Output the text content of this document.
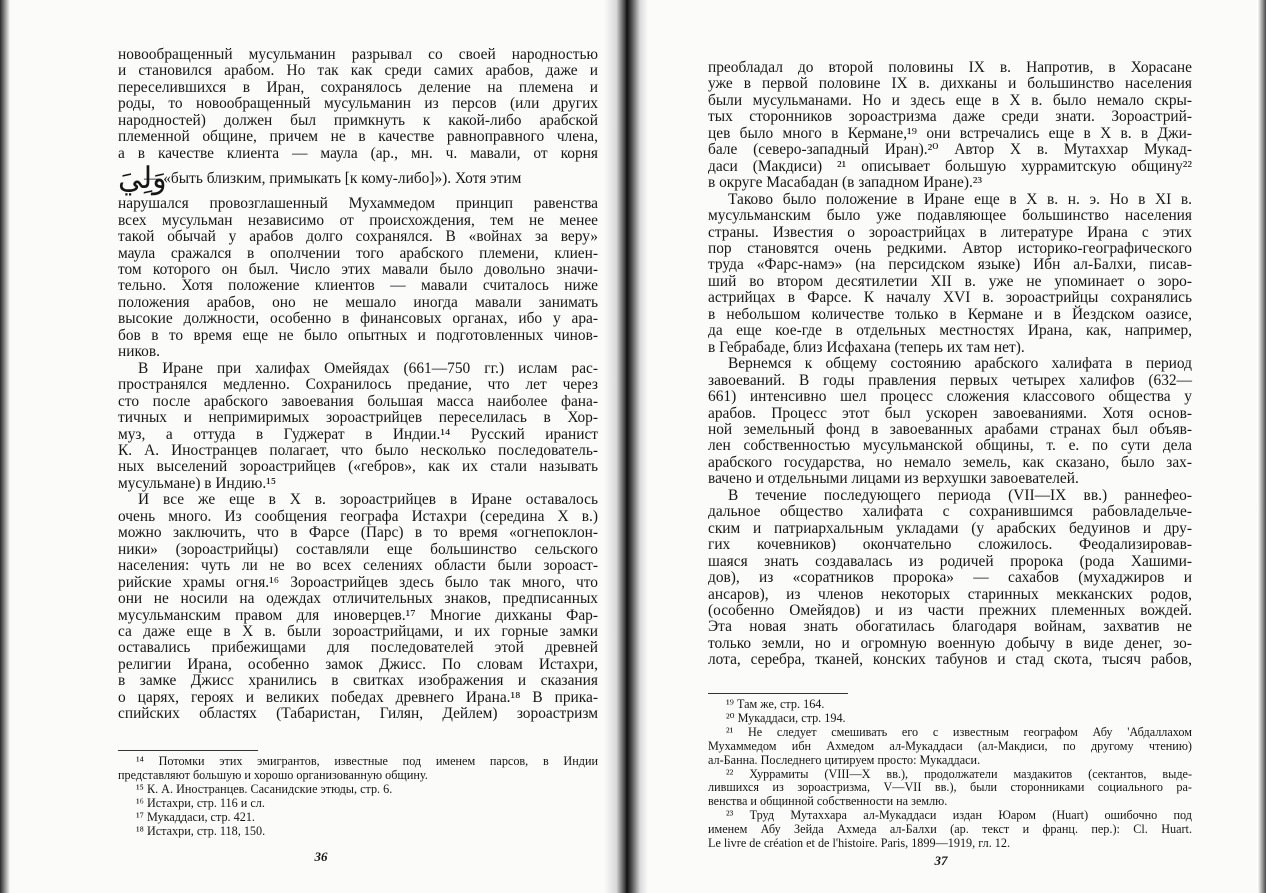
новообращенный мусульманин разрывал со своей народностью
и становился арабом. Но так как среди самих арабов, даже и
переселившихся в Иран, сохранялось деление на племена и
роды, то новообращенный мусульманин из персов (или других
народностей) должен был примкнуть к какой-либо арабской
племенной общине, причем не в качестве равноправного члена,
а в качестве клиента — маула (ар., мн. ч. мавали, от корня
وَلِيَ
— «быть близким, примыкать [к кому-либо]»). Хотя этим
нарушался провозглашенный Мухаммедом принцип равенства
всех мусульман независимо от происхождения, тем не менее
такой обычай у арабов долго сохранялся. В «войнах за веру»
маула сражался в ополчении того арабского племени, клиен-
том которого он был. Число этих мавали было довольно значи-
тельно. Хотя положение клиентов — мавали считалось ниже
положения арабов, оно не мешало иногда мавали занимать
высокие должности, особенно в финансовых органах, ибо у ара-
бов в то время еще не было опытных и подготовленных чинов-
ников.
В Иране при халифах Омейядах (661—750 гг.) ислам рас-
пространялся медленно. Сохранилось предание, что лет через
сто после арабского завоевания большая масса наиболее фана-
тичных и непримиримых зороастрийцев переселилась в Хор-
муз, а оттуда в Гуджерат в Индии.¹⁴ Русский иранист
К. А. Иностранцев полагает, что было несколько последователь-
ных выселений зороастрийцев («гебров», как их стали называть
мусульмане) в Индию.¹⁵
И все же еще в X в. зороастрийцев в Иране оставалось
очень много. Из сообщения географа Истахри (середина X в.)
можно заключить, что в Фарсе (Парс) в то время «огнепоклон-
ники» (зороастрийцы) составляли еще большинство сельского
населения: чуть ли не во всех селениях области были зороаст-
рийские храмы огня.¹⁶ Зороастрийцев здесь было так много, что
они не носили на одеждах отличительных знаков, предписанных
мусульманским правом для иноверцев.¹⁷ Многие дихканы Фар-
са даже еще в X в. были зороастрийцами, и их горные замки
оставались прибежищами для последователей этой древней
религии Ирана, особенно замок Джисс. По словам Истахри,
в замке Джисс хранились в свитках изображения и сказания
о царях, героях и великих победах древнего Ирана.¹⁸ В прика-
спийских областях (Табаристан, Гилян, Дейлем) зороастризм
¹⁴ Потомки этих эмигрантов, известные под именем парсов, в Индии
представляют большую и хорошо организованную общину.
¹⁵ К. А. Иностранцев. Сасанидские этюды, стр. 6.
¹⁶ Истахри, стр. 116 и сл.
¹⁷ Мукаддаси, стр. 421.
¹⁸ Истахри, стр. 118, 150.
36
преобладал до второй половины IX в. Напротив, в Хорасане
уже в первой половине IX в. дихканы и большинство населения
были мусульманами. Но и здесь еще в X в. было немало скры-
тых сторонников зороастризма даже среди знати. Зороастрий-
цев было много в Кермане,¹⁹ они встречались еще в X в. в Джи-
бале (северо-западный Иран).²⁰ Автор X в. Мутаххар Мукад-
даси (Макдиси) ²¹ описывает большую хуррамитскую общину²²
в округе Масабадан (в западном Иране).²³
Таково было положение в Иране еще в X в. н. э. Но в XI в.
мусульманским было уже подавляющее большинство населения
страны. Известия о зороастрийцах в литературе Ирана с этих
пор становятся очень редкими. Автор историко-географического
труда «Фарс-намэ» (на персидском языке) Ибн ал-Балхи, писав-
ший во втором десятилетии XII в. уже не упоминает о зоро-
астрийцах в Фарсе. К началу XVI в. зороастрийцы сохранялись
в небольшом количестве только в Кермане и в Йездском оазисе,
да еще кое-где в отдельных местностях Ирана, как, например,
в Гебрабаде, близ Исфахана (теперь их там нет).
Вернемся к общему состоянию арабского халифата в период
завоеваний. В годы правления первых четырех халифов (632—
661) интенсивно шел процесс сложения классового общества у
арабов. Процесс этот был ускорен завоеваниями. Хотя основ-
ной земельный фонд в завоеванных арабами странах был объяв-
лен собственностью мусульманской общины, т. е. по сути дела
арабского государства, но немало земель, как сказано, было зах-
вачено и отдельными лицами из верхушки завоевателей.
В течение последующего периода (VII—IX вв.) раннефео-
дальное общество халифата с сохранившимся рабовладельче-
ским и патриархальным укладами (у арабских бедуинов и дру-
гих кочевников) окончательно сложилось. Феодализировав-
шаяся знать создавалась из родичей пророка (рода Хашими-
дов), из «соратников пророка» — сахабов (мухаджиров и
ансаров), из членов некоторых старинных мекканских родов,
(особенно Омейядов) и из части прежних племенных вождей.
Эта новая знать обогатилась благодаря войнам, захватив не
только земли, но и огромную военную добычу в виде денег, зо-
лота, серебра, тканей, конских табунов и стад скота, тысяч рабов,
¹⁹ Там же, стр. 164.
²⁰ Мукаддаси, стр. 194.
²¹ Не следует смешивать его с известным географом Абу 'Абдаллахом
Мухаммедом ибн Ахмедом ал-Мукаддаси (ал-Макдиси, по другому чтению)
ал-Банна. Последнего цитируем просто: Мукаддаси.
²² Хуррамиты (VIII—X вв.), продолжатели маздакитов (сектантов, выде-
лившихся из зороастризма, V—VII вв.), были сторонниками социального ра-
венства и общинной собственности на землю.
²³ Труд Мутаххара ал-Мукаддаси издан Юаром (Huart) ошибочно под
именем Абу Зейда Ахмеда ал-Балхи (ар. текст и франц. пер.): Cl. Huart.
Le livre de création et de l'histoire. Paris, 1899—1919, гл. 12.
37
